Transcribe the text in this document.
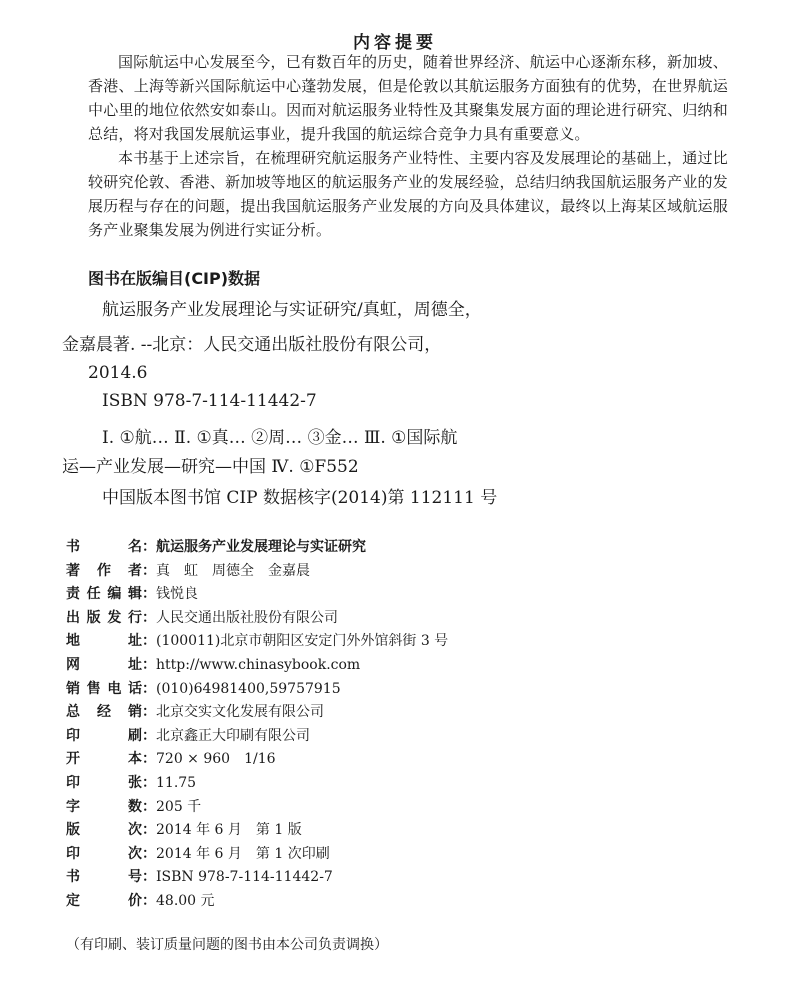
内容提要

国际航运中心发展至今，已有数百年的历史，随着世界经济、航运中心逐渐东移，新加坡、香港、上海等新兴国际航运中心蓬勃发展，但是伦敦以其航运服务方面独有的优势，在世界航运中心里的地位依然安如泰山。因而对航运服务业特性及其聚集发展方面的理论进行研究、归纳和总结，将对我国发展航运事业，提升我国的航运综合竞争力具有重要意义。

本书基于上述宗旨，在梳理研究航运服务产业特性、主要内容及发展理论的基础上，通过比较研究伦敦、香港、新加坡等地区的航运服务产业的发展经验，总结归纳我国航运服务产业的发展历程与存在的问题，提出我国航运服务产业发展的方向及具体建议，最终以上海某区域航运服务产业聚集发展为例进行实证分析。

图书在版编目(CIP)数据
航运服务产业发展理论与实证研究/真虹，周德全，
金嘉晨著. --北京：人民交通出版社股份有限公司，
2014.6
ISBN 978-7-114-11442-7
Ⅰ. ①航… Ⅱ. ①真… ②周… ③金… Ⅲ. ①国际航
运—产业发展—研究—中国 Ⅳ. ①F552
中国版本图书馆 CIP 数据核字(2014)第 112111 号
书名：航运服务产业发展理论与实证研究
著作者：真　虹　周德全　金嘉晨
责任编辑：钱悦良
出版发行：人民交通出版社股份有限公司
地址：(100011)北京市朝阳区安定门外外馆斜街 3 号
网址：http://www.chinasybook.com
销售电话：(010)64981400,59757915
总经销：北京交实文化发展有限公司
印刷：北京鑫正大印刷有限公司
开本：720 × 960　1/16
印张：11.75
字数：205 千
版次：2014 年 6 月　第 1 版
印次：2014 年 6 月　第 1 次印刷
书号：ISBN 978-7-114-11442-7
定价：48.00 元
（有印刷、装订质量问题的图书由本公司负责调换）
